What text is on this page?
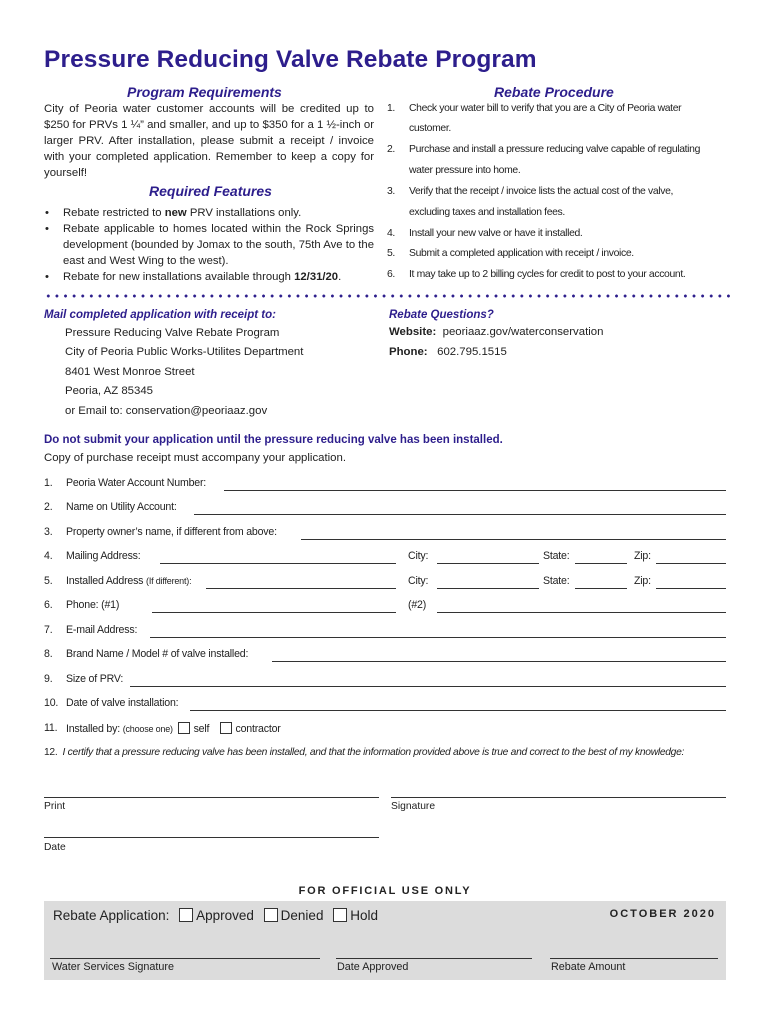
Pressure Reducing Valve Rebate Program
Program Requirements
City of Peoria water customer accounts will be credited up to $250 for PRVs 1 ¼” and smaller, and up to $350 for a 1 ½-inch or larger PRV. After installation, please submit a receipt / invoice with your completed application. Remember to keep a copy for yourself!
Required Features
• Rebate restricted to new PRV installations only.
• Rebate applicable to homes located within the Rock Springs development (bounded by Jomax to the south, 75th Ave to the east and West Wing to the west).
• Rebate for new installations available through 12/31/20.
Rebate Procedure
1. Check your water bill to verify that you are a City of Peoria water
customer.
2. Purchase and install a pressure reducing valve capable of regulating
water pressure into home.
3. Verify that the receipt / invoice lists the actual cost of the valve,
excluding taxes and installation fees.
4. Install your new valve or have it installed.
5. Submit a completed application with receipt / invoice.
6. It may take up to 2 billing cycles for credit to post to your account.
Mail completed application with receipt to:
Pressure Reducing Valve Rebate Program
City of Peoria Public Works-Utilites Department
8401 West Monroe Street
Peoria, AZ 85345
or Email to: conservation@peoriaaz.gov
Rebate Questions?
Website: peoriaaz.gov/waterconservation
Phone: 602.795.1515
Do not submit your application until the pressure reducing valve has been installed.
Copy of purchase receipt must accompany your application.
1. Peoria Water Account Number:
2. Name on Utility Account:
3. Property owner’s name, if different from above:
4. Mailing Address:	City:	State:	Zip:
5. Installed Address (If different):	City:	State:	Zip:
6. Phone: (#1)	(#2)
7. E-mail Address:
8. Brand Name / Model # of valve installed:
9. Size of PRV:
10. Date of valve installation:
11. Installed by: (choose one) self contractor
12. I certify that a pressure reducing valve has been installed, and that the information provided above is true and correct to the best of my knowledge:
Print	Signature
Date
FOR OFFICIAL USE ONLY
Rebate Application: Approved Denied Hold	OCTOBER 2020
Water Services Signature	Date Approved	Rebate Amount
